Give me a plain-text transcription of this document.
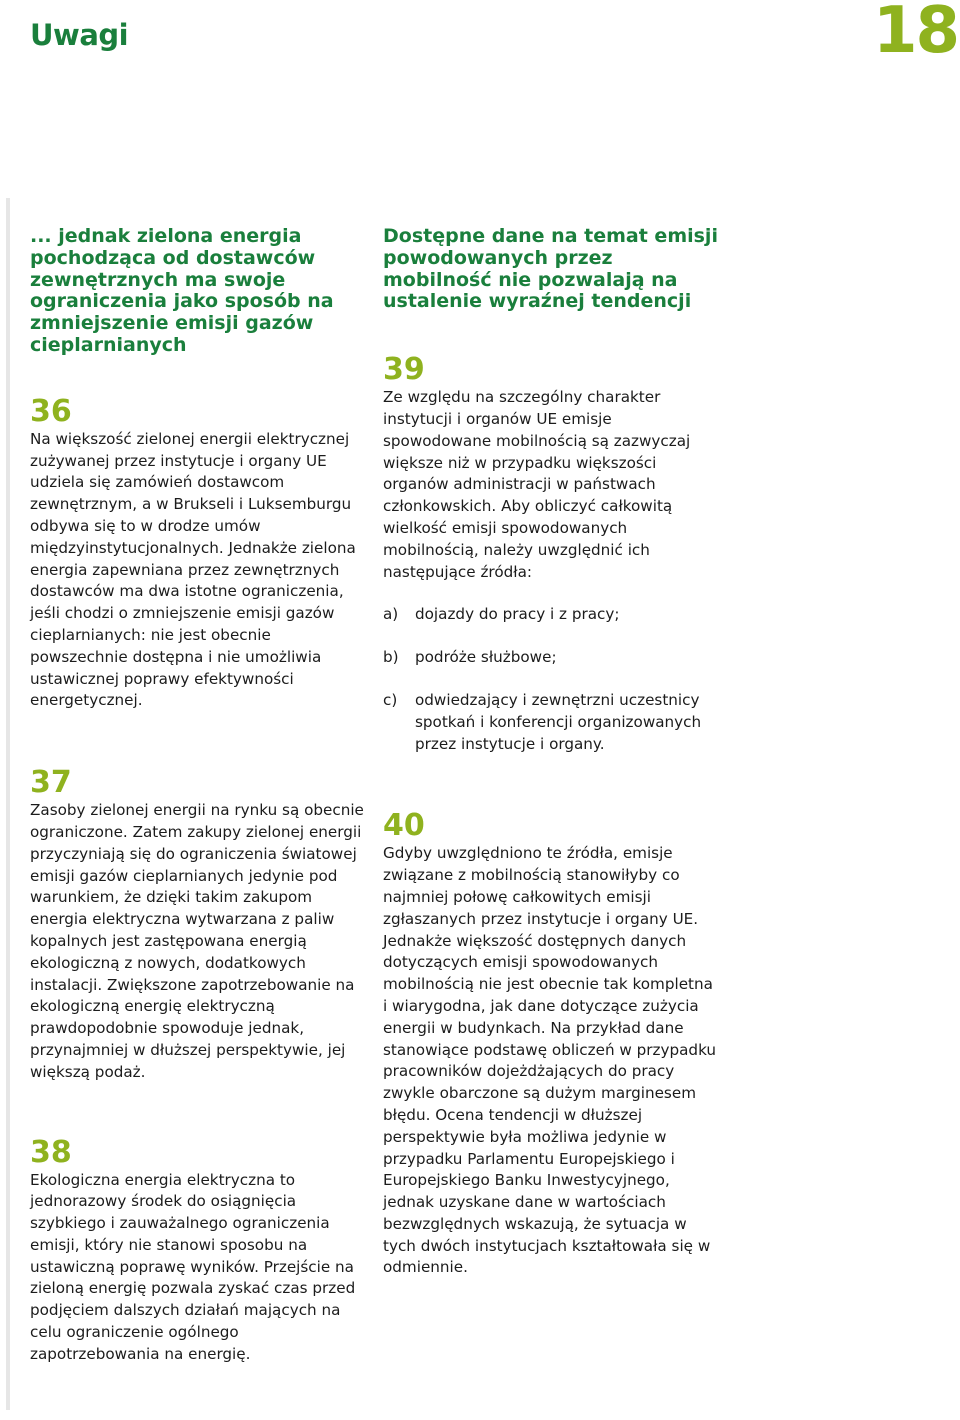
Uwagi	18
... jednak zielona energia pochodząca od dostawców zewnętrznych ma swoje ograniczenia jako sposób na zmniejszenie emisji gazów cieplarnianych
36

Na większość zielonej energii elektrycznej zużywanej przez instytucje i organy UE udziela się zamówień dostawcom zewnętrznym, a w Brukseli i Luksemburgu odbywa się to w drodze umów międzyinstytucjonalnych. Jednakże zielona energia zapewniana przez zewnętrznych dostawców ma dwa istotne ograniczenia, jeśli chodzi o zmniejszenie emisji gazów cieplarnianych: nie jest obecnie powszechnie dostępna i nie umożliwia ustawicznej poprawy efektywności energetycznej.

37

Zasoby zielonej energii na rynku są obecnie ograniczone. Zatem zakupy zielonej energii przyczyniają się do ograniczenia światowej emisji gazów cieplarnianych jedynie pod warunkiem, że dzięki takim zakupom energia elektryczna wytwarzana z paliw kopalnych jest zastępowana energią ekologiczną z nowych, dodatkowych instalacji. Zwiększone zapotrzebowanie na ekologiczną energię elektryczną prawdopodobnie spowoduje jednak, przynajmniej w dłuższej perspektywie, jej większą podaż.

38

Ekologiczna energia elektryczna to jednorazowy środek do osiągnięcia szybkiego i zauważalnego ograniczenia emisji, który nie stanowi sposobu na ustawiczną poprawę wyników. Przejście na zieloną energię pozwala zyskać czas przed podjęciem dalszych działań mających na celu ograniczenie ogólnego zapotrzebowania na energię.

Dostępne dane na temat emisji powodowanych przez mobilność nie pozwalają na ustalenie wyraźnej tendencji
39

Ze względu na szczególny charakter instytucji i organów UE emisje spowodowane mobilnością są zazwyczaj większe niż w przypadku większości organów administracji w państwach członkowskich. Aby obliczyć całkowitą wielkość emisji spowodowanych mobilnością, należy uwzględnić ich następujące źródła:

a)	dojazdy do pracy i z pracy;
b)	podróże służbowe;
c)	odwiedzający i zewnętrzni uczestnicy spotkań i konferencji organizowanych przez instytucje i organy.
40

Gdyby uwzględniono te źródła, emisje związane z mobilnością stanowiłyby co najmniej połowę całkowitych emisji zgłaszanych przez instytucje i organy UE. Jednakże większość dostępnych danych dotyczących emisji spowodowanych mobilnością nie jest obecnie tak kompletna i wiarygodna, jak dane dotyczące zużycia energii w budynkach. Na przykład dane stanowiące podstawę obliczeń w przypadku pracowników dojeżdżających do pracy zwykle obarczone są dużym marginesem błędu. Ocena tendencji w dłuższej perspektywie była możliwa jedynie w przypadku Parlamentu Europejskiego i Europejskiego Banku Inwestycyjnego, jednak uzyskane dane w wartościach bezwzględnych wskazują, że sytuacja w tych dwóch instytucjach kształtowała się w odmiennie.
